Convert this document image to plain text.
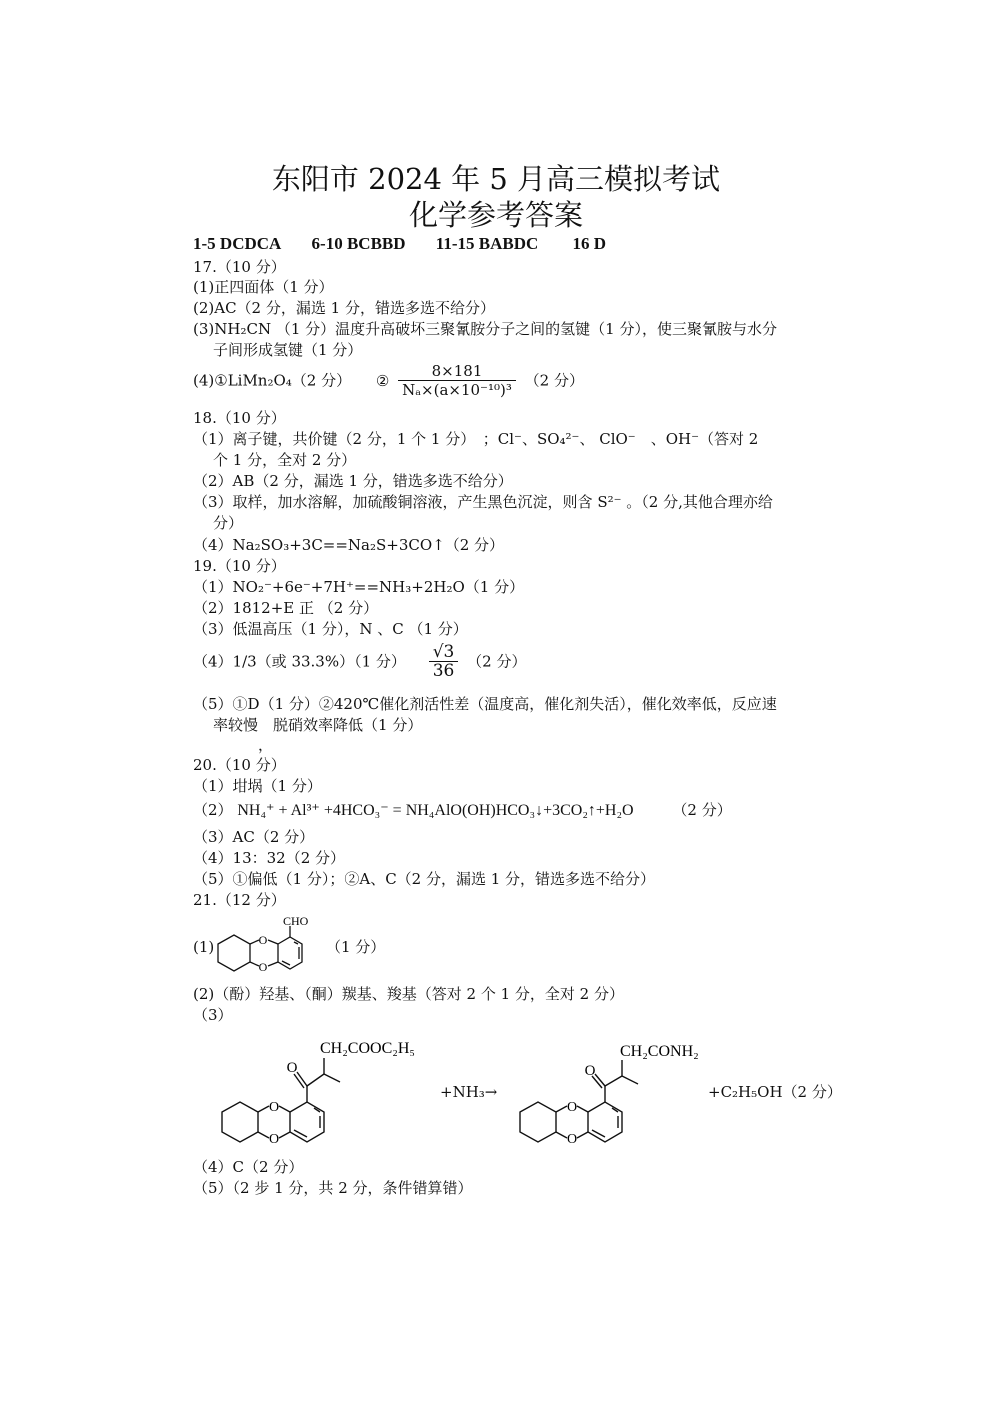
东阳市 2024 年 5 月高三模拟考试
化学参考答案
1-5 DCDCA 6-10 BCBBD 11-15 BABDC 16 D
17.（10 分）
(1)正四面体（1 分）
(2)AC（2 分，漏选 1 分，错选多选不给分）
(3)NH₂CN （1 分）温度升高破坏三聚氰胺分子之间的氢键（1 分），使三聚氰胺与水分
子间形成氢键（1 分）
(4)①LiMn₂O₄（2 分） ② $\frac{8\times 181}{\text{Nₐ×(a×10⁻¹⁰)³}} (2$ 分）
18.（10 分）
（1）离子键，共价键（2 分，1 个 1 分）　；Cl⁻、SO₄²⁻、 ClO⁻　、OH⁻（答对 2
个 1 分，全对 2 分）
（2）AB（2 分，漏选 1 分，错选多选不给分）
（3）取样，加水溶解，加硫酸铜溶液，产生黑色沉淀，则含 S²⁻ 。（2 分,其他合理亦给
分）
（4）Na₂SO₃+3C==Na₂S+3CO↑（2 分）
19.（10 分）
（1）NO₂⁻+6e⁻+7H⁺==NH₃+2H₂O（1 分）
（2）1812+E 正 （2 分）
（3）低温高压（1 分），N 、C （1 分）
（4）1/3（或 33.3%）（1 分） $\frac{√3}{36} (2$ 分）
（5）①D（1 分）②420℃催化剂活性差（温度高，催化剂失活），催化效率低，反应速
率较慢　脱硝效率降低（1 分）
，
20.（10 分）
（1）坩埚（1 分）
（2） NH₄⁺ + Al³⁺ +4HCO₃⁻ = NH₄AlO(OH)HCO₃↓+3CO₂↑+H₂O	（2 分）
（3）AC（2 分）
（4）13：32（2 分）
（5）①偏低（1 分）；②A、C（2 分，漏选 1 分，错选多选不给分）
21.（12 分）
(1)	O
O
CHO
（1 分）
(2)（酚）羟基、（酮）羰基、羧基（答对 2 个 1 分，全对 2 分）
（3）
O
O
O
CH₂COOC₂H₅
+NH₃→
O
O
O
CH₂CONH₂
+C₂H₅OH（2 分）
（4）C（2 分）
（5）（2 步 1 分，共 2 分，条件错算错）
